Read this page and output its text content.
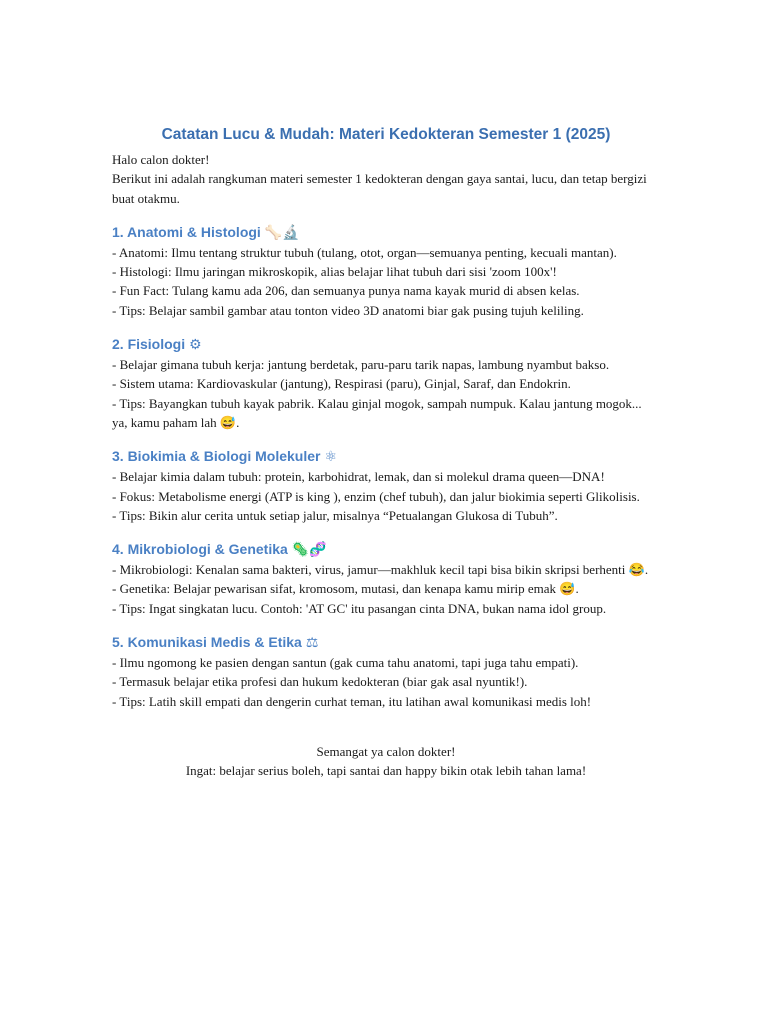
Catatan Lucu & Mudah: Materi Kedokteran Semester 1 (2025)

Halo calon dokter!

Berikut ini adalah rangkuman materi semester 1 kedokteran dengan gaya santai, lucu, dan tetap bergizi buat otakmu.

1. Anatomi & Histologi 🦴🔬

- Anatomi: Ilmu tentang struktur tubuh (tulang, otot, organ—semuanya penting, kecuali mantan).

- Histologi: Ilmu jaringan mikroskopik, alias belajar lihat tubuh dari sisi 'zoom 100x'!

- Fun Fact: Tulang kamu ada 206, dan semuanya punya nama kayak murid di absen kelas.

- Tips: Belajar sambil gambar atau tonton video 3D anatomi biar gak pusing tujuh keliling.

2. Fisiologi ⚙

- Belajar gimana tubuh kerja: jantung berdetak, paru-paru tarik napas, lambung nyambut bakso.

- Sistem utama: Kardiovaskular (jantung), Respirasi (paru), Ginjal, Saraf, dan Endokrin.

- Tips: Bayangkan tubuh kayak pabrik. Kalau ginjal mogok, sampah numpuk. Kalau jantung mogok... ya, kamu paham lah 😅.

3. Biokimia & Biologi Molekuler ⚛

- Belajar kimia dalam tubuh: protein, karbohidrat, lemak, dan si molekul drama queen—DNA!

- Fokus: Metabolisme energi (ATP is king ), enzim (chef tubuh), dan jalur biokimia seperti Glikolisis.

- Tips: Bikin alur cerita untuk setiap jalur, misalnya “Petualangan Glukosa di Tubuh”.

4. Mikrobiologi & Genetika 🦠🧬

- Mikrobiologi: Kenalan sama bakteri, virus, jamur—makhluk kecil tapi bisa bikin skripsi berhenti 😂.

- Genetika: Belajar pewarisan sifat, kromosom, mutasi, dan kenapa kamu mirip emak 😅.

- Tips: Ingat singkatan lucu. Contoh: 'AT GC' itu pasangan cinta DNA, bukan nama idol group.

5. Komunikasi Medis & Etika ⚖

- Ilmu ngomong ke pasien dengan santun (gak cuma tahu anatomi, tapi juga tahu empati).

- Termasuk belajar etika profesi dan hukum kedokteran (biar gak asal nyuntik!).

- Tips: Latih skill empati dan dengerin curhat teman, itu latihan awal komunikasi medis loh!

Semangat ya calon dokter!

Ingat: belajar serius boleh, tapi santai dan happy bikin otak lebih tahan lama!
